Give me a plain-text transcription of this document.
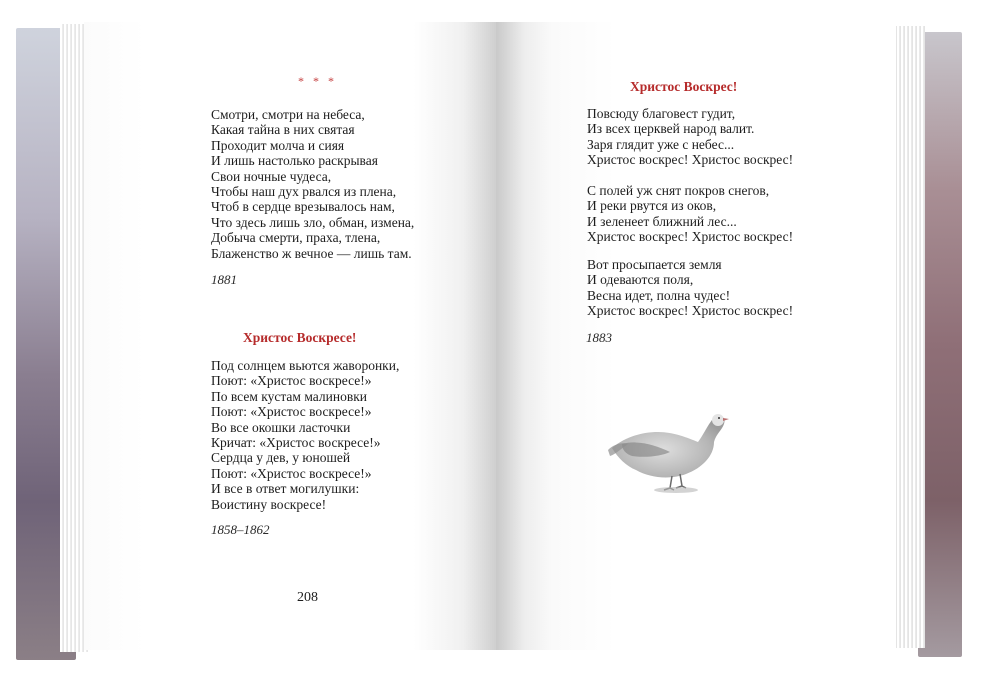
* * *
Смотри, смотри на небеса,
Какая тайна в них святая
Проходит молча и сияя
И лишь настолько раскрывая
Свои ночные чудеса,
Чтобы наш дух рвался из плена,
Чтоб в сердце врезывалось нам,
Что здесь лишь зло, обман, измена,
Добыча смерти, праха, тлена,
Блаженство ж вечное — лишь там.
1881
Христос Воскресе!
Под солнцем вьются жаворонки,
Поют: «Христос воскресе!»
По всем кустам малиновки
Поют: «Христос воскресе!»
Во все окошки ласточки
Кричат: «Христос воскресе!»
Сердца у дев, у юношей
Поют: «Христос воскресе!»
И все в ответ могилушки:
Воистину воскресе!
1858–1862
208
Христос Воскрес!
Повсюду благовест гудит,
Из всех церквей народ валит.
Заря глядит уже с небес...
Христос воскрес! Христос воскрес!
С полей уж снят покров снегов,
И реки рвутся из оков,
И зеленеет ближний лес...
Христос воскрес! Христос воскрес!
Вот просыпается земля
И одеваются поля,
Весна идет, полна чудес!
Христос воскрес! Христос воскрес!
1883
